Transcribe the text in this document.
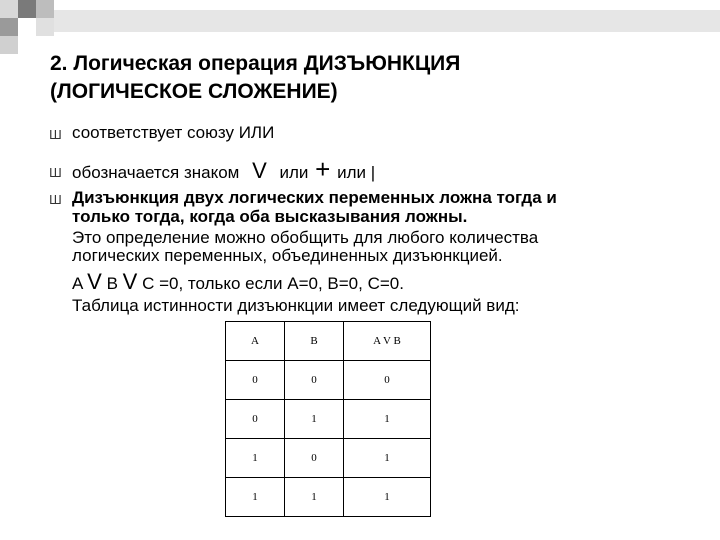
2. Логическая операция ДИЗЪЮНКЦИЯ
(ЛОГИЧЕСКОЕ СЛОЖЕНИЕ)
Ш соответствует союзу ИЛИ
Ш обозначается знаком V или + или |
Ш Дизъюнкция двух логических переменных ложна тогда и
только тогда, когда оба высказывания ложны.
Это определение можно обобщить для любого количества
логических переменных, объединенных дизъюнкцией.
A V B V C =0, только если A=0, B=0, C=0.
Таблица истинности дизъюнкции имеет следующий вид:
A	B	A V B
0	0	0
0	1	1
1	0	1
1	1	1
